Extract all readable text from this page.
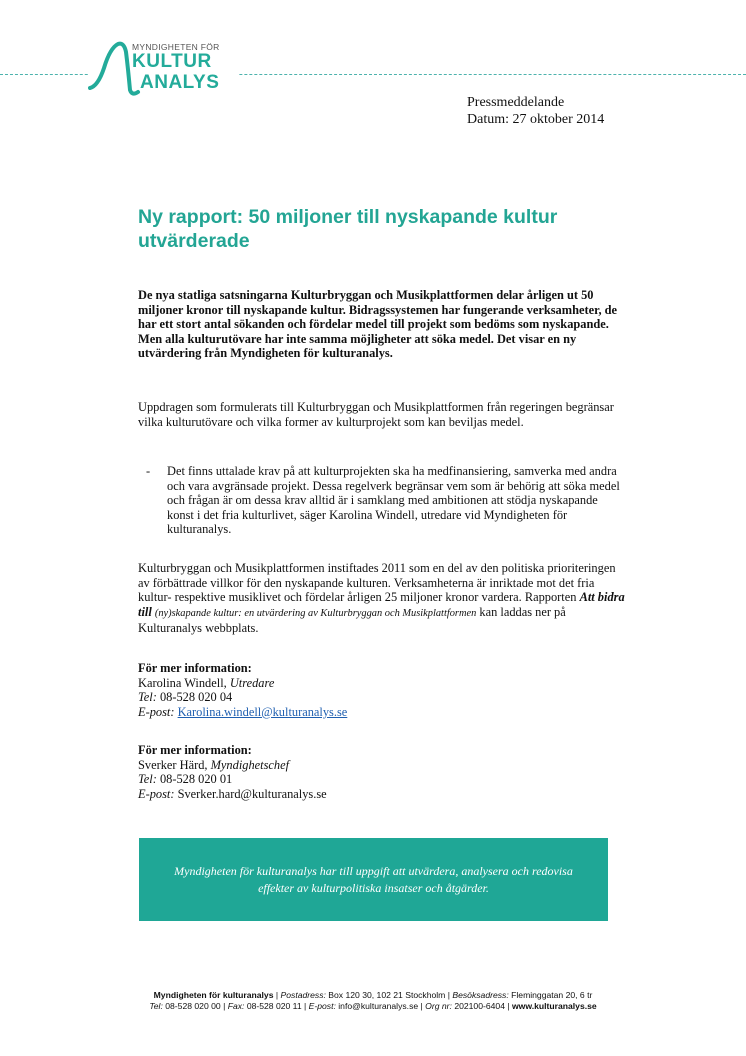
MYNDIGHETEN FÖR
KULTUR
ANALYS
Pressmeddelande
Datum: 27 oktober 2014
Ny rapport: 50 miljoner till nyskapande kultur utvärderade

De nya statliga satsningarna Kulturbryggan och Musikplattformen delar årligen ut 50 miljoner kronor till nyskapande kultur. Bidragssystemen har fungerande verksamheter, de har ett stort antal sökanden och fördelar medel till projekt som bedöms som nyskapande. Men alla kulturutövare har inte samma möjligheter att söka medel. Det visar en ny utvärdering från Myndigheten för kulturanalys.

Uppdragen som formulerats till Kulturbryggan och Musikplattformen från regeringen begränsar vilka kulturutövare och vilka former av kulturprojekt som kan beviljas medel.

- Det finns uttalade krav på att kulturprojekten ska ha medfinansiering, samverka med andra och vara avgränsade projekt. Dessa regelverk begränsar vem som är behörig att söka medel och frågan är om dessa krav alltid är i samklang med ambitionen att stödja nyskapande konst i det fria kulturlivet, säger Karolina Windell, utredare vid Myndigheten för kulturanalys.

Kulturbryggan och Musikplattformen instiftades 2011 som en del av den politiska prioriteringen av förbättrade villkor för den nyskapande kulturen. Verksamheterna är inriktade mot det fria kultur- respektive musiklivet och fördelar årligen 25 miljoner kronor vardera. Rapporten Att bidra till (ny)skapande kultur: en utvärdering av Kulturbryggan och Musikplattformen kan laddas ner på Kulturanalys webbplats.

För mer information:
Karolina Windell, Utredare
Tel: 08-528 020 04
E-post: Karolina.windell@kulturanalys.se
För mer information:
Sverker Härd, Myndighetschef
Tel: 08-528 020 01
E-post: Sverker.hard@kulturanalys.se
Myndigheten för kulturanalys har till uppgift att utvärdera, analysera och redovisa effekter av kulturpolitiska insatser och åtgärder.
Myndigheten för kulturanalys | Postadress: Box 120 30, 102 21 Stockholm | Besöksadress: Fleminggatan 20, 6 tr
Tel: 08-528 020 00 | Fax: 08-528 020 11 | E-post: info@kulturanalys.se | Org nr: 202100-6404 | www.kulturanalys.se
